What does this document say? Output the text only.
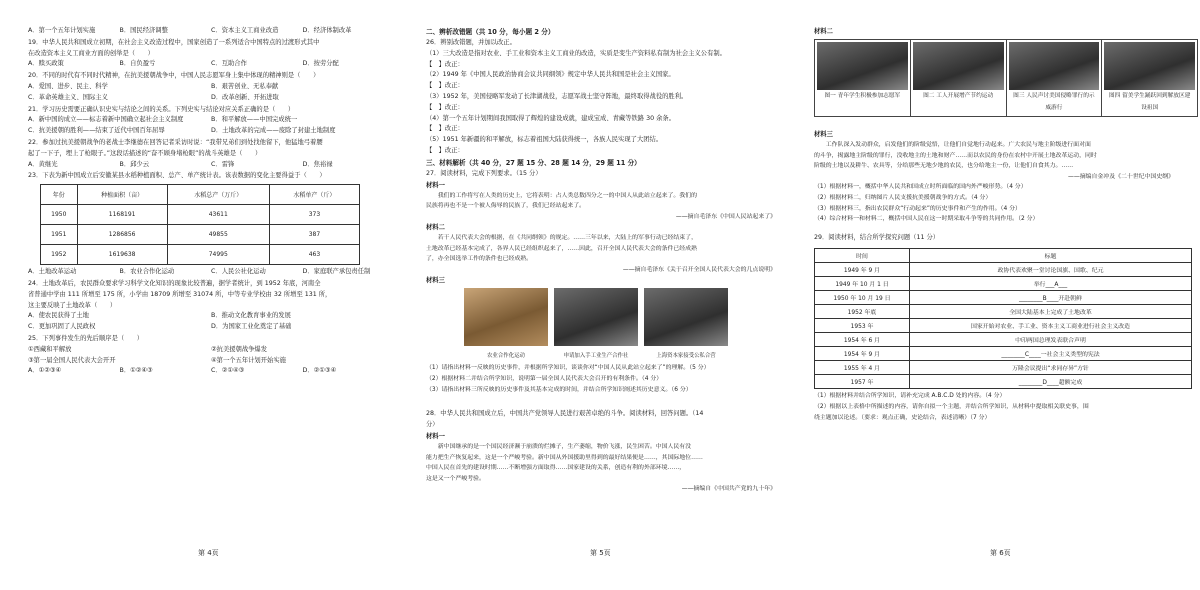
A．第一个五年计划实施	B．国民经济调整	C．资本主义工商业改造	D．经济体制改革
19．中华人民共和国成立初期，在社会主义改造过程中，国家创造了一系列适合中国特点的过渡形式其中
在改造资本主义工商业方面的创举是（　　）
A．赎买政策	B．自负盈亏	C．互助合作	D．按劳分配
20．不同的时代有不同时代精神，在抗美援朝战争中，中国人民志愿军身上集中体现的精神则是（　　）
A．爱国、进步、民主、科学	B．艰苦创业、无私奉献
C．革命英雄主义、国际主义	D．改革创新、开拓进取
21．学习历史需要正确认识史实与结论之间的关系。下列史实与结论对应关系正确的是（　　）
A．新中国的成立——标志着新中国确立起社会主义制度	B．和平解放——中国完成统一
C．抗美援朝的胜利——结束了近代中国百年屈辱	D．土地改革的完成——废除了封建土地制度
22．参加过抗美援朝战争的老战士李继德在回答记者采访时说：“我带兄弟们到处找他留下，他猛地弓着腰
起了一下子，埋上了枪眼子。”这段话描述的“奋不顾身堵枪眼”的战斗英雄是（　　）
A．黄继光	B．邱少云	C．雷锋	D．焦裕禄
23．下表为新中国成立后安徽某县水稻种植面积、总产、单产统计表。该表数据的变化主要得益于（　　）
年份	种植面积（亩）	水稻总产（万斤）	水稻单产（斤）
1950	1168191	43611	373
1951	1286856	49855	387
1952	1619638	74995	463
A．土地改革运动	B．农业合作化运动	C．人民公社化运动	D．家庭联产承包责任制
24．土地改革后，农民群众要求学习科学文化知识的现象比较普遍，据学者统计，到 1952 年底，河南全
省普通中学由 111 所增至 175 所，小学由 18709 所增至 31074 所，中等专业学校由 32 所增至 131 所，
这主要反映了土地改革（　　）
A．使农民获得了土地	B．推动文化教育事业的发展
C．更加巩固了人民政权	D．为国家工业化奠定了基础
25．下列事件发生的先后顺序是（　　）
①西藏和平解放	②抗美援朝战争爆发
③第一届全国人民代表大会开开	④第一个五年计划开始实施
A．①②③④	B．①②④③	C．②①④③	D．②①③④
第 4页
二、辨析改错题（共 10 分，每小题 2 分）
26．辨别改错题，并加以改正。
（1）三大改造是指对农业、手工业和资本主义工商业的改造，实质是变生产资料私有制为社会主义公有制。
【　】改正：
（2）1949 年《中国人民政治协商会议共同纲领》规定中华人民共和国是社会主义国家。
【　】改正：
（3）1952 年，美国侵略军发动了长津湖战役，志愿军战士坚守阵地，最终取得战役的胜利。
【　】改正：
（4）第一个五年计划期间我国取得了辉煌的建设成就，建成宝成、青藏等铁路 30 余条。
【　】改正：
（5）1951 年新疆的和平解放，标志着祖国大陆获得统一，各族人民实现了大团结。
【　】改正：
三、材料解析（共 40 分，27 题 15 分、28 题 14 分，29 题 11 分）
27．阅读材料，完成下列要求。（15 分）
材料一
　　我们的工作将写在人类的历史上，它将表明：占人类总数四分之一的中国人从此站立起来了。我们的
民族将再也不是一个被人侮辱的民族了，我们已经站起来了。
——摘自毛泽东《中国人民站起来了》
材料二
　　若干人民代表大会的根据，在《共同纲领》的规定。……三年以来，大陆上的军事行动已经结束了，
土地改革已经基本完成了，各界人民已经组织起来了，……因此，召开全国人民代表大会的条件已经成熟
了，办全国选举工作的条件也已经成熟。
——摘自毛泽东《关于召开全国人民代表大会的几点说明》
材料三
农业合作化运动	申请加入手工业生产合作社	上海资本家接受公私合营
（1）请指出材料一反映的历史事件，并根据所学知识，谈谈你对“中国人民从此站立起来了”的理解。（5 分）
（2）根据材料二并结合所学知识，说明第一届全国人民代表大会召开的有利条件。（4 分）
（3）请指出材料三所反映的历史事件及其基本完成的时间，并结合所学知识阐述其历史意义。（6 分）
28．中华人民共和国成立后，中国共产党领导人民进行艰苦卓绝的斗争。阅读材料，回答问题。（14
分）
材料一
　　新中国继承的是一个国民经济濒于崩溃的烂摊子，生产萎缩，物价飞涨，民生困苦。中国人民有没
能力把生产恢复起来，这是一个严峻考验。新中国从外国援助里得到的最好结果便是……，其国际地位……
中国人民在首先的建设时期……不断增强方面取得……国家建设的关系，创造有利的外部环境……，
这是又一个严峻考验。
——摘编自《中国共产党的九十年》
第 5页
材料二
图一 青年学生积极参加志愿军	图二 工人开展增产节约运动	图三 人民声讨美国侵略罪行的示威游行
图四 留美学生踊跃回到解放区建设祖国
材料三
　　工作队深入发动群众，启发他们的阶级觉悟，让他们自觉地行动起来。广大农民与地主阶级进行面对面
的斗争，揭露地主阶级的罪行，没收地主的土地和财产……而以农民的身份在农村中开展土地改革运动，同时
阶级的土地以及耕牛、农具等，分给那些无地少地的农民，也分给地主一份，让他们自食其力。……
——摘编自金冲及《二十世纪中国史纲》
（1）根据材料一，概括中华人民共和国成立时所面临的国内外严峻形势。（4 分）
（2）根据材料二，归纳图片人民支援抗美援朝战争的方式。（4 分）
（3）根据材料三，指出农民群众“行动起来”的历史事件和产生的作用。（4 分）
（4）综合材料一和材料二，概括中国人民在这一时期采取斗争等的共同作用。（2 分）
29．阅读材料，结合所学探究问题（11 分）
时间	标题
1949 年 9 月	政协代表欢聚一堂讨论国旗、国歌、纪元
1949 年 10 月 1 日	举行___A___
1950 年 10 月 19 日	________B____开赴朝鲜
1952 年底	全国大陆基本上完成了土地改革
1953 年	国家开始对农业、手工业、资本主义工商业进行社会主义改造
1954 年 6 月	中印两国总理发表联合声明
1954 年 9 月	________C____一社会主义类型的宪法
1955 年 4 月	万隆会议提出“求同存异”方针
1957 年	________D____超额完成
（1）根据材料并结合所学知识，请补充完成 A.B.C.D 处的内容。（4 分）
（2）根据以上表格中所描述的内容，请你自拟一个主题，并结合所学知识，从材料中提取相关联史事，围
绕主题加以论述。（要求：观点正确，史论结合，表述清晰）（7 分）
第 6页
